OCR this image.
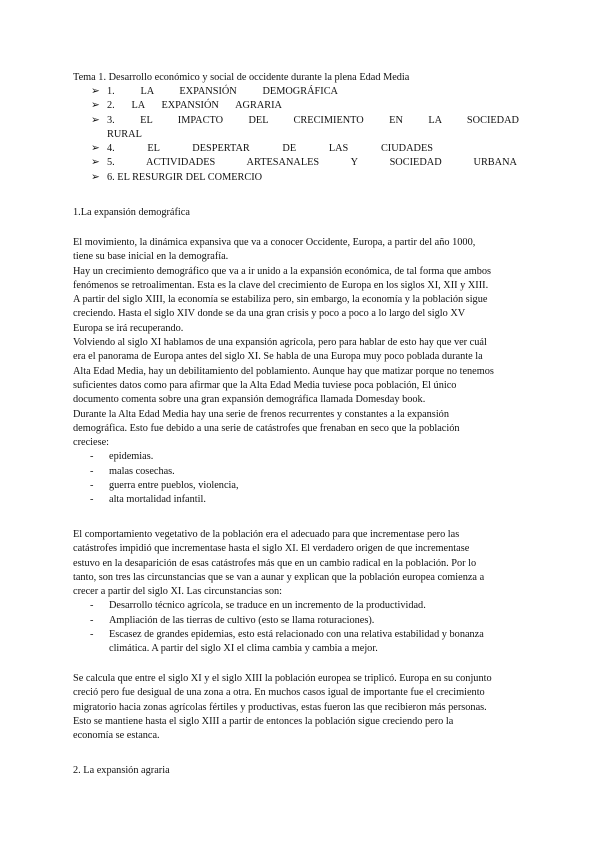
Tema 1. Desarrollo económico y social de occidente durante la plena Edad Media
➢ 1. LA EXPANSIÓN DEMOGRÁFICA
➢ 2. LA EXPANSIÓN AGRARIA
➢ 3. EL IMPACTO DEL CRECIMIENTO EN LA SOCIEDAD
RURAL
➢ 4. EL DESPERTAR DE LAS CIUDADES
➢ 5. ACTIVIDADES ARTESANALES Y SOCIEDAD URBANA
➢ 6. EL RESURGIR DEL COMERCIO
1.La expansión demográfica
El movimiento, la dinámica expansiva que va a conocer Occidente, Europa, a partir del año 1000,
tiene su base inicial en la demografía.
Hay un crecimiento demográfico que va a ir unido a la expansión económica, de tal forma que ambos
fenómenos se retroalimentan. Esta es la clave del crecimiento de Europa en los siglos XI, XII y XIII.
A partir del siglo XIII, la economía se estabiliza pero, sin embargo, la economía y la población sigue
creciendo. Hasta el siglo XIV donde se da una gran crisis y poco a poco a lo largo del siglo XV
Europa se irá recuperando.
Volviendo al siglo XI hablamos de una expansión agrícola, pero para hablar de esto hay que ver cuál
era el panorama de Europa antes del siglo XI. Se habla de una Europa muy poco poblada durante la
Alta Edad Media, hay un debilitamiento del poblamiento. Aunque hay que matizar porque no tenemos
suficientes datos como para afirmar que la Alta Edad Media tuviese poca población, El único
documento comenta sobre una gran expansión demográfica llamada Domesday book.
Durante la Alta Edad Media hay una serie de frenos recurrentes y constantes a la expansión
demográfica. Esto fue debido a una serie de catástrofes que frenaban en seco que la población
creciese:
-	epidemias.
-	malas cosechas.
-	guerra entre pueblos, violencia,
-	alta mortalidad infantil.
El comportamiento vegetativo de la población era el adecuado para que incrementase pero las
catástrofes impidió que incrementase hasta el siglo XI. El verdadero origen de que incrementase
estuvo en la desaparición de esas catástrofes más que en un cambio radical en la población. Por lo
tanto, son tres las circunstancias que se van a aunar y explican que la población europea comienza a
crecer a partir del siglo XI. Las circunstancias son:
-	Desarrollo técnico agrícola, se traduce en un incremento de la productividad.
-	Ampliación de las tierras de cultivo (esto se llama roturaciones).
-	Escasez de grandes epidemias, esto está relacionado con una relativa estabilidad y bonanza
climática. A partir del siglo XI el clima cambia y cambia a mejor.
Se calcula que entre el siglo XI y el siglo XIII la población europea se triplicó. Europa en su conjunto
creció pero fue desigual de una zona a otra. En muchos casos igual de importante fue el crecimiento
migratorio hacia zonas agrícolas fértiles y productivas, estas fueron las que recibieron más personas.
Esto se mantiene hasta el siglo XIII a partir de entonces la población sigue creciendo pero la
economía se estanca.
2. La expansión agraria
